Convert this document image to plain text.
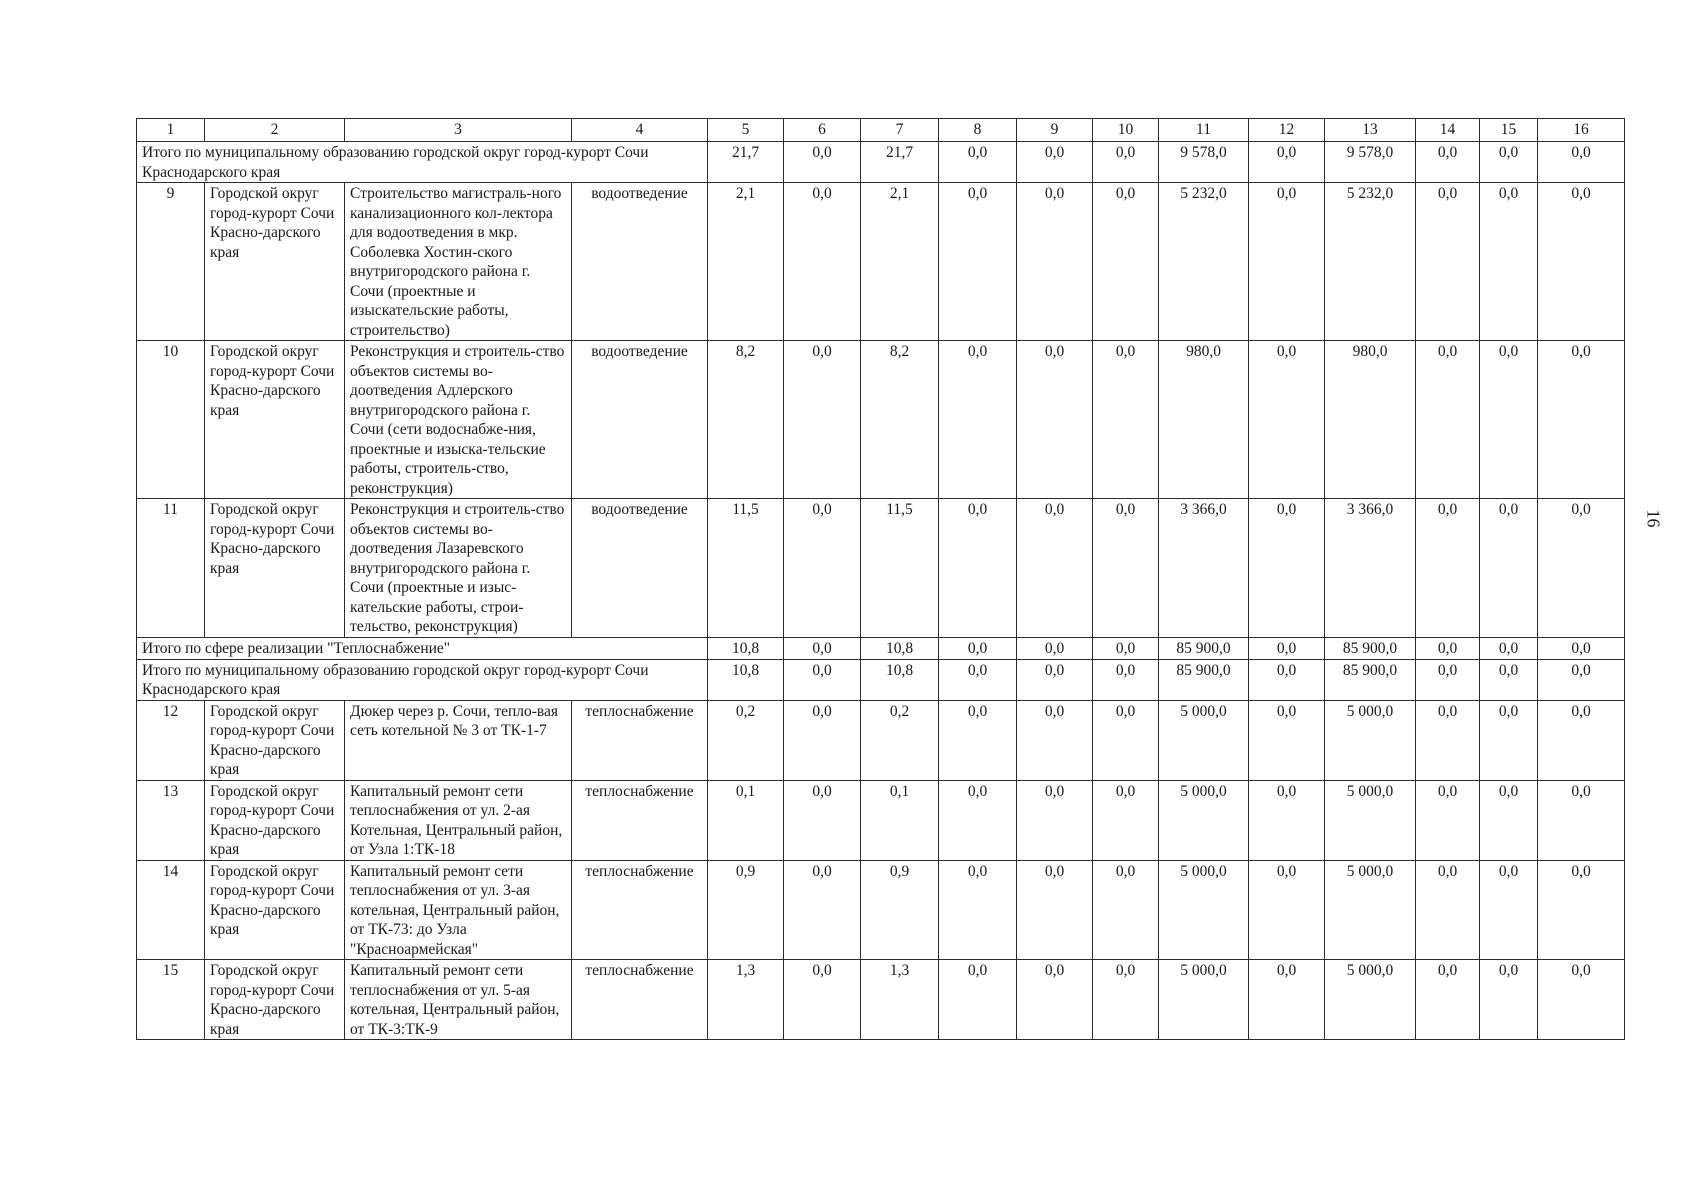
1	2	3	4	5	6	7	8	9	10	11	12	13	14	15	16
Итого по муниципальному образованию городской округ город-курорт Сочи Краснодарского края				21,7	0,0	21,7	0,0	0,0	0,0	9 578,0	0,0	9 578,0	0,0	0,0	0,0
9	Городской округ город-курорт Сочи Красно-дарского края	Строительство магистраль-ного канализационного кол-лектора для водоотведения в мкр. Соболевка Хостин-ского внутригородского района г. Сочи (проектные и изыскательские работы, строительство)	водоотведение	2,1	0,0	2,1	0,0	0,0	0,0	5 232,0	0,0	5 232,0	0,0	0,0	0,0
10	Городской округ город-курорт Сочи Красно-дарского края	Реконструкция и строитель-ство объектов системы во-доотведения Адлерского внутригородского района г. Сочи (сети водоснабже-ния, проектные и изыска-тельские работы, строитель-ство, реконструкция)	водоотведение	8,2	0,0	8,2	0,0	0,0	0,0	980,0	0,0	980,0	0,0	0,0	0,0
11	Городской округ город-курорт Сочи Красно-дарского края	Реконструкция и строитель-ство объектов системы во-доотведения Лазаревского внутригородского района г. Сочи (проектные и изыс-кательские работы, строи-тельство, реконструкция)	водоотведение	11,5	0,0	11,5	0,0	0,0	0,0	3 366,0	0,0	3 366,0	0,0	0,0	0,0
Итого по сфере реализации "Теплоснабжение"				10,8	0,0	10,8	0,0	0,0	0,0	85 900,0	0,0	85 900,0	0,0	0,0	0,0
Итого по муниципальному образованию городской округ город-курорт Сочи Краснодарского края				10,8	0,0	10,8	0,0	0,0	0,0	85 900,0	0,0	85 900,0	0,0	0,0	0,0
12	Городской округ город-курорт Сочи Красно-дарского края	Дюкер через р. Сочи, тепло-вая сеть котельной № 3 от ТК-1-7	теплоснабжение	0,2	0,0	0,2	0,0	0,0	0,0	5 000,0	0,0	5 000,0	0,0	0,0	0,0
13	Городской округ город-курорт Сочи Красно-дарского края	Капитальный ремонт сети теплоснабжения от ул. 2-ая Котельная, Центральный район, от Узла 1:ТК-18	теплоснабжение	0,1	0,0	0,1	0,0	0,0	0,0	5 000,0	0,0	5 000,0	0,0	0,0	0,0
14	Городской округ город-курорт Сочи Красно-дарского края	Капитальный ремонт сети теплоснабжения от ул. 3-ая котельная, Центральный район, от ТК-73: до Узла "Красноармейская"	теплоснабжение	0,9	0,0	0,9	0,0	0,0	0,0	5 000,0	0,0	5 000,0	0,0	0,0	0,0
15	Городской округ город-курорт Сочи Красно-дарского края	Капитальный ремонт сети теплоснабжения от ул. 5-ая котельная, Центральный район, от ТК-3:ТК-9	теплоснабжение	1,3	0,0	1,3	0,0	0,0	0,0	5 000,0	0,0	5 000,0	0,0	0,0	0,0
16
